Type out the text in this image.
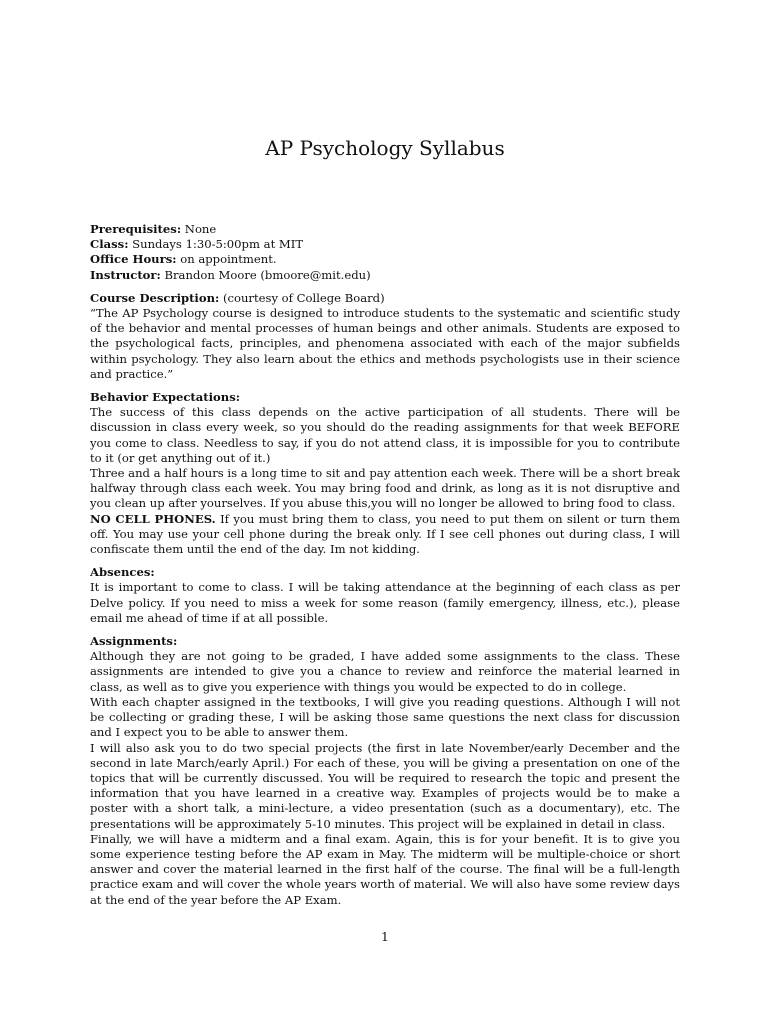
AP Psychology Syllabus

Prerequisites: None

Class: Sundays 1:30-5:00pm at MIT

Office Hours: on appointment.

Instructor: Brandon Moore (bmoore@mit.edu)

Course Description: (courtesy of College Board)

“The AP Psychology course is designed to introduce students to the systematic and scientific study of the behavior and mental processes of human beings and other animals. Students are exposed to the psychological facts, principles, and phenomena associated with each of the major subfields within psychology. They also learn about the ethics and methods psychologists use in their science and practice.”

Behavior Expectations:

The success of this class depends on the active participation of all students. There will be discussion in class every week, so you should do the reading assignments for that week BEFORE you come to class. Needless to say, if you do not attend class, it is impossible for you to contribute to it (or get anything out of it.)

Three and a half hours is a long time to sit and pay attention each week. There will be a short break halfway through class each week. You may bring food and drink, as long as it is not disruptive and you clean up after yourselves. If you abuse this,you will no longer be allowed to bring food to class.

NO CELL PHONES. If you must bring them to class, you need to put them on silent or turn them off. You may use your cell phone during the break only. If I see cell phones out during class, I will confiscate them until the end of the day. Im not kidding.

Absences:

It is important to come to class. I will be taking attendance at the beginning of each class as per Delve policy. If you need to miss a week for some reason (family emergency, illness, etc.), please email me ahead of time if at all possible.

Assignments:

Although they are not going to be graded, I have added some assignments to the class. These assignments are intended to give you a chance to review and reinforce the material learned in class, as well as to give you experience with things you would be expected to do in college.

With each chapter assigned in the textbooks, I will give you reading questions. Although I will not be collecting or grading these, I will be asking those same questions the next class for discussion and I expect you to be able to answer them.

I will also ask you to do two special projects (the first in late November/early December and the second in late March/early April.) For each of these, you will be giving a presentation on one of the topics that will be currently discussed. You will be required to research the topic and present the information that you have learned in a creative way. Examples of projects would be to make a poster with a short talk, a mini-lecture, a video presentation (such as a documentary), etc. The presentations will be approximately 5-10 minutes. This project will be explained in detail in class.

Finally, we will have a midterm and a final exam. Again, this is for your benefit. It is to give you some experience testing before the AP exam in May. The midterm will be multiple-choice or short answer and cover the material learned in the first half of the course. The final will be a full-length practice exam and will cover the whole years worth of material. We will also have some review days at the end of the year before the AP Exam.

1
